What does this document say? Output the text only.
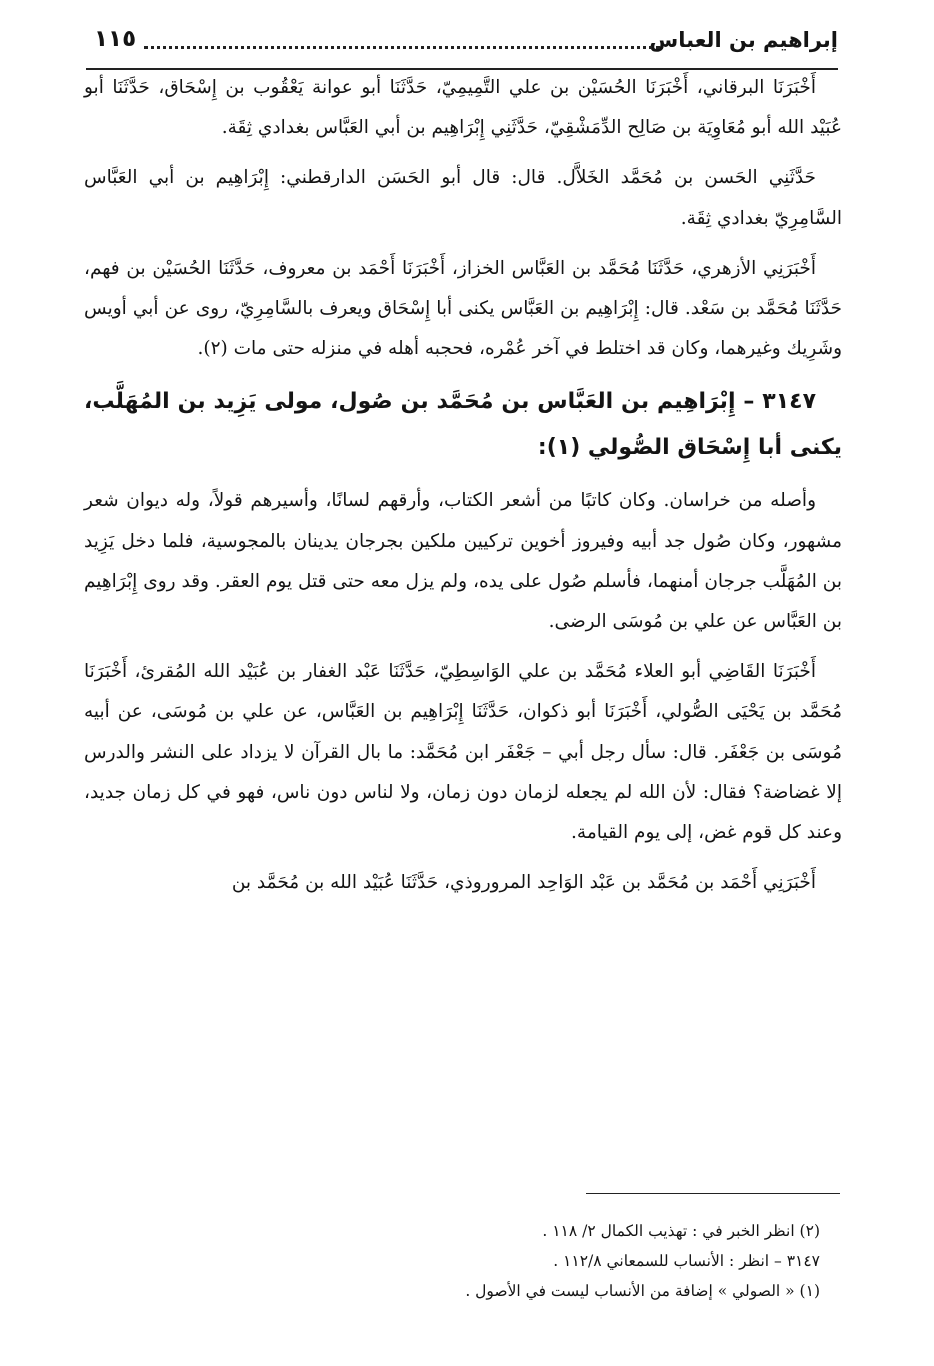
إبراهيم بن العباس
١١٥

أَخْبَرَنَا البرقاني، أَخْبَرَنَا الحُسَيْن بن علي التَّمِيمِيّ، حَدَّثَنَا أبو عوانة يَعْقُوب بن إِسْحَاق، حَدَّثَنَا أبو عُبَيْد الله أبو مُعَاوِيَة بن صَالِح الدِّمَشْقِيّ، حَدَّثَنِي إِبْرَاهِيم بن أبي العَبَّاس بغدادي ثِقَة.

حَدَّثَنِي الحَسن بن مُحَمَّد الخَلاَّل. قال: قال أبو الحَسَن الدارقطني: إِبْرَاهِيم بن أبي العَبَّاس السَّامِرِيّ بغدادي ثِقَة.

أَخْبَرَنِي الأزهري، حَدَّثَنَا مُحَمَّد بن العَبَّاس الخزاز، أَخْبَرَنَا أَحْمَد بن معروف، حَدَّثَنَا الحُسَيْن بن فهم، حَدَّثَنَا مُحَمَّد بن سَعْد. قال: إِبْرَاهِيم بن العَبَّاس يكنى أبا إِسْحَاق ويعرف بالسَّامِرِيّ، روى عن أبي أويس وشَرِيك وغيرهما، وكان قد اختلط في آخر عُمْره، فحجبه أهله في منزله حتى مات (٢).

٣١٤٧ – إِبْرَاهِيم بن العَبَّاس بن مُحَمَّد بن صُول، مولى يَزِيد بن المُهَلَّب، يكنى أبا إِسْحَاق الصُّولي (١):

وأصله من خراسان. وكان كاتبًا من أشعر الكتاب، وأرقهم لسانًا، وأسيرهم قولاً، وله ديوان شعر مشهور، وكان صُول جد أبيه وفيروز أخوين تركيين ملكين بجرجان يدينان بالمجوسية، فلما دخل يَزِيد بن المُهَلَّب جرجان أمنهما، فأسلم صُول على يده، ولم يزل معه حتى قتل يوم العقر. وقد روى إِبْرَاهِيم بن العَبَّاس عن علي بن مُوسَى الرضى.

أَخْبَرَنَا القَاضِي أبو العلاء مُحَمَّد بن علي الوَاسِطِيّ، حَدَّثَنَا عَبْد الغفار بن عُبَيْد الله المُقرئ، أَخْبَرَنَا مُحَمَّد بن يَحْيَى الصُّولي، أَخْبَرَنَا أبو ذكوان، حَدَّثَنَا إِبْرَاهِيم بن العَبَّاس، عن علي بن مُوسَى، عن أبيه مُوسَى بن جَعْفَر. قال: سأل رجل أبي – جَعْفَر ابن مُحَمَّد: ما بال القرآن لا يزداد على النشر والدرس إلا غضاضة؟ فقال: لأن الله لم يجعله لزمان دون زمان، ولا لناس دون ناس، فهو في كل زمان جديد، وعند كل قوم غض، إلى يوم القيامة.

أَخْبَرَنِي أَحْمَد بن مُحَمَّد بن عَبْد الوَاحِد المروروذي، حَدَّثَنَا عُبَيْد الله بن مُحَمَّد بن

(٢) انظر الخبر في : تهذيب الكمال ٢/ ١١٨ .
٣١٤٧ – انظر : الأنساب للسمعاني ١١٢/٨ .
(١) « الصولي » إضافة من الأنساب ليست في الأصول .
